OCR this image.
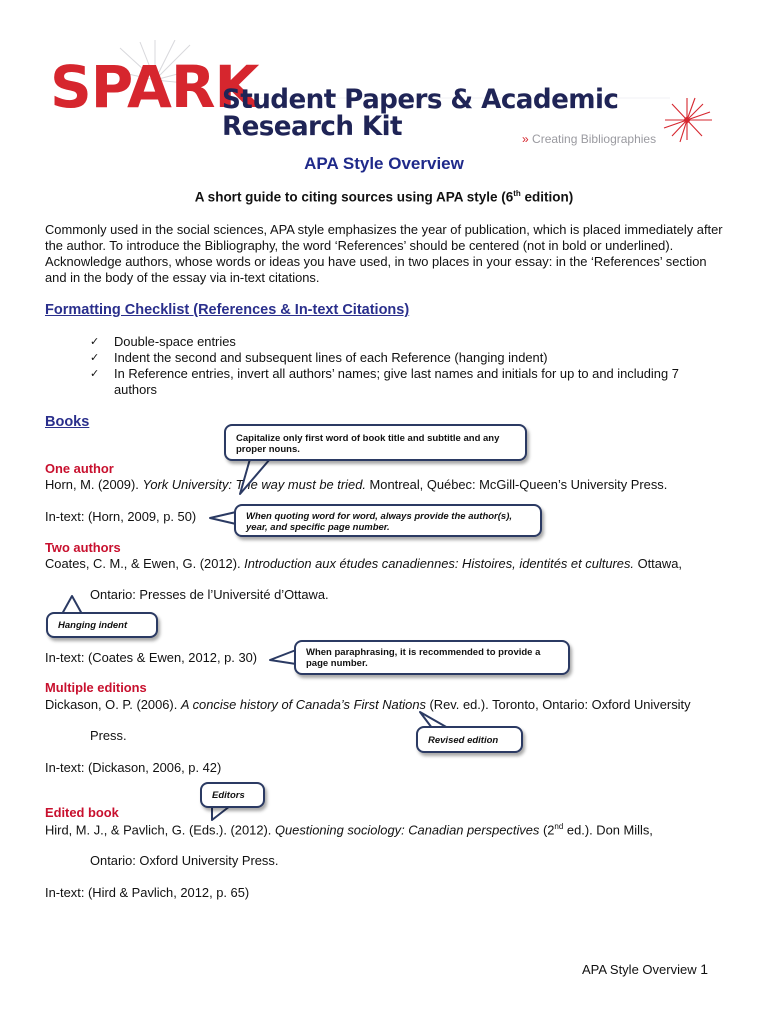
SPARK
Student Papers & Academic Research Kit	» Creating Bibliographies
APA Style Overview
A short guide to citing sources using APA style (6th edition)
Commonly used in the social sciences, APA style emphasizes the year of publication, which is placed immediately after the author. To introduce the Bibliography, the word ‘References’ should be centered (not in bold or underlined). Acknowledge authors, whose words or ideas you have used, in two places in your essay: in the ‘References’ section and in the body of the essay via in-text citations.
Formatting Checklist (References & In-text Citations)
✓	Double-space entries
✓	Indent the second and subsequent lines of each Reference (hanging indent)
✓	In Reference entries, invert all authors’ names; give last names and initials for up to and including 7 authors
Books
One author
Horn, M. (2009). York University: The way must be tried. Montreal, Québec: McGill-Queen’s University Press.
In-text: (Horn, 2009, p. 50)
Two authors
Coates, C. M., & Ewen, G. (2012). Introduction aux études canadiennes: Histoires, identités et cultures. Ottawa,
Ontario: Presses de l’Université d’Ottawa.
In-text: (Coates & Ewen, 2012, p. 30)
Multiple editions
Dickason, O. P. (2006). A concise history of Canada’s First Nations (Rev. ed.). Toronto, Ontario: Oxford University
Press.
In-text: (Dickason, 2006, p. 42)
Edited book
Hird, M. J., & Pavlich, G. (Eds.). (2012). Questioning sociology: Canadian perspectives (2nd ed.). Don Mills,
Ontario: Oxford University Press.
In-text: (Hird & Pavlich, 2012, p. 65)
Capitalize only first word of book title and subtitle and any proper nouns.
When quoting word for word, always provide the author(s), year, and specific page number.
Hanging indent
When paraphrasing, it is recommended to provide a page number.
Revised edition
Editors
APA Style Overview 1
